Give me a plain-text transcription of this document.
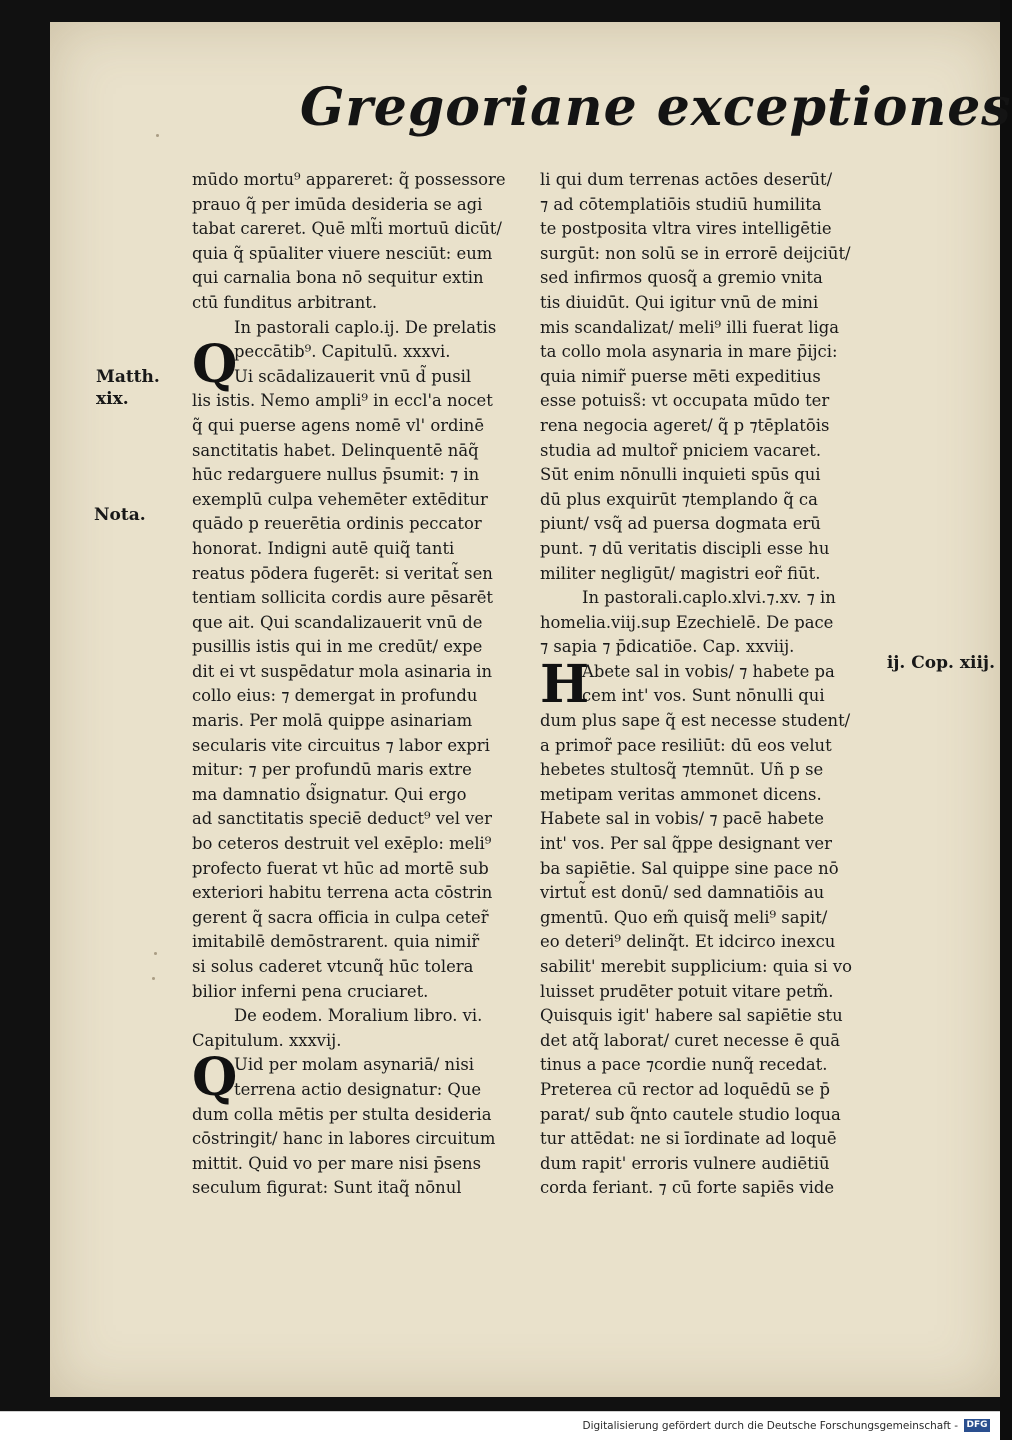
Gregoriane exceptiones
Matth. xix.
Nota.
ij. Cop. xiij.
mūdo mortu⁹ appareret: q̃ possessore
prauo q̃ per imūda desideria se agi
tabat careret. Quē mlt̃i mortuū dicūt/
quia q̃ spūaliter viuere nesciūt: eum
qui carnalia bona nō sequitur extin
ctū funditus arbitrant.
In pastorali caplo.ij. De prelatis
Q
peccātib⁹. Capitulū. xxxvi.
Ui scādalizauerit vnū d̃ pusil
lis istis. Nemo ampli⁹ in eccl'a nocet
q̃ qui puerse agens nomē vl' ordinē
sanctitatis habet. Delinquentē nāq̃
hūc redarguere nullus p̄sumit: ⁊ in
exemplū culpa vehemēter extēditur
quādo p reuerētia ordinis peccator
honorat. Indigni autē quiq̃ tanti
reatus pōdera fugerēt: si veritat̃ sen
tentiam sollicita cordis aure pēsarēt
que ait. Qui scandalizauerit vnū de
pusillis istis qui in me credūt/ expe
dit ei vt suspēdatur mola asinaria in
collo eius: ⁊ demergat in profundu
maris. Per molā quippe asinariam
secularis vite circuitus ⁊ labor expri
mitur: ⁊ per profundū maris extre
ma damnatio d̃signatur. Qui ergo
ad sanctitatis speciē deduct⁹ vel ver
bo ceteros destruit vel exēplo: meli⁹
profecto fuerat vt hūc ad mortē sub
exteriori habitu terrena acta cōstrin
gerent q̃ sacra officia in culpa ceter̃
imitabilē demōstrarent. quia nimir̃
si solus caderet vtcunq̃ hūc tolera
bilior inferni pena cruciaret.
De eodem. Moralium libro. vi.
Capitulum. xxxvij.
Q
Uid per molam asynariā/ nisi
terrena actio designatur: Que
dum colla mētis per stulta desideria
cōstringit/ hanc in labores circuitum
mittit. Quid vo per mare nisi p̄sens
seculum figurat: Sunt itaq̃ nōnul
li qui dum terrenas actōes deserūt/
⁊ ad cōtemplatiōis studiū humilita
te postposita vltra vires intelligētie
surgūt: non solū se in errorē deijciūt/
sed infirmos quosq̃ a gremio vnita
tis diuidūt. Qui igitur vnū de mini
mis scandalizat/ meli⁹ illi fuerat liga
ta collo mola asynaria in mare p̄ijci:
quia nimir̃ puerse mēti expeditius
esse potuiss̃: vt occupata mūdo ter
rena negocia ageret/ q̃ p ⁊tēplatōis
studia ad multor̃ pniciem vacaret.
Sūt enim nōnulli inquieti spūs qui
dū plus exquirūt ⁊templando q̃ ca
piunt/ vsq̃ ad puersa dogmata erū
punt. ⁊ dū veritatis discipli esse hu
militer negligūt/ magistri eor̃ fiūt.
In pastorali.caplo.xlvi.⁊.xv. ⁊ in
homelia.viij.sup Ezechielē. De pace
⁊ sapia ⁊ p̄dicatiōe. Cap. xxviij.
H
Abete sal in vobis/ ⁊ habete pa
cem int' vos. Sunt nōnulli qui
dum plus sape q̃ est necesse student/
a primor̃ pace resiliūt: dū eos velut
hebetes stultosq̃ ⁊temnūt. Uñ p se
metipam veritas ammonet dicens.
Habete sal in vobis/ ⁊ pacē habete
int' vos. Per sal q̃ppe designant ver
ba sapiētie. Sal quippe sine pace nō
virtut̃ est donū/ sed damnatiōis au
gmentū. Quo em̃ quisq̃ meli⁹ sapit/
eo deteri⁹ delinq̃t. Et idcirco inexcu
sabilit' merebit supplicium: quia si vo
luisset prudēter potuit vitare petm̃.
Quisquis igit' habere sal sapiētie stu
det atq̃ laborat/ curet necesse ē quā
tinus a pace ⁊cordie nunq̃ recedat.
Preterea cū rector ad loquēdū se p̄
parat/ sub q̃nto cautele studio loqua
tur attēdat: ne si īordinate ad loquē
dum rapit' erroris vulnere audiētiū
corda feriant. ⁊ cū forte sapiēs vide
Digitalisierung gefördert durch die Deutsche Forschungsgemeinschaft - DFG
